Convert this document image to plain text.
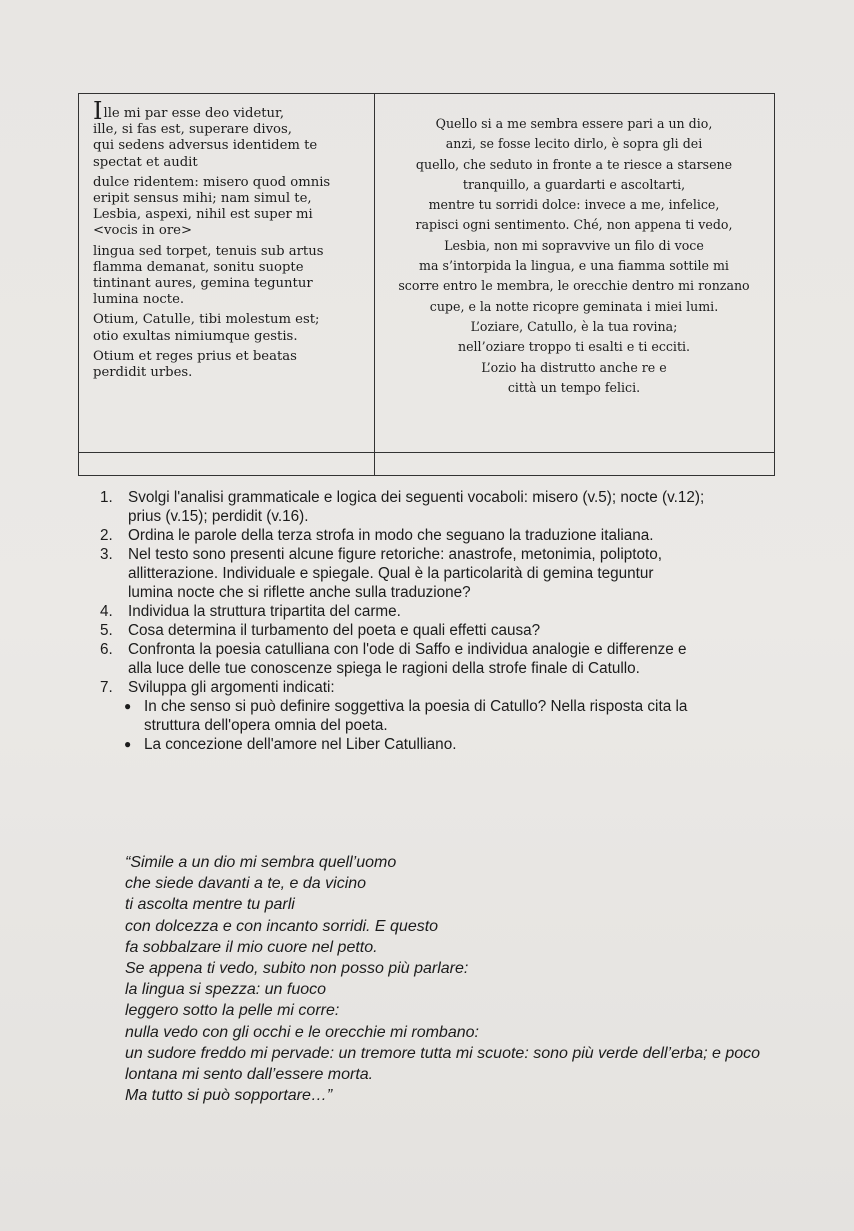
Ille mi par esse deo videtur,
ille, si fas est, superare divos,
qui sedens adversus identidem te
spectat et audit
dulce ridentem: misero quod omnis
eripit sensus mihi; nam simul te,
Lesbia, aspexi, nihil est super mi
<vocis in ore>
lingua sed torpet, tenuis sub artus
flamma demanat, sonitu suopte
tintinant aures, gemina teguntur
lumina nocte.
Otium, Catulle, tibi molestum est;
otio exultas nimiumque gestis.
Otium et reges prius et beatas
perdidit urbes.
Quello si a me sembra essere pari a un dio,
anzi, se fosse lecito dirlo, è sopra gli dei
quello, che seduto in fronte a te riesce a starsene
tranquillo, a guardarti e ascoltarti,
mentre tu sorridi dolce: invece a me, infelice,
rapisci ogni sentimento. Ché, non appena ti vedo,
Lesbia, non mi sopravvive un filo di voce
ma s’intorpida la lingua, e una fiamma sottile mi
scorre entro le membra, le orecchie dentro mi ronzano
cupe, e la notte ricopre geminata i miei lumi.
L’oziare, Catullo, è la tua rovina;
nell’oziare troppo ti esalti e ti ecciti.
L’ozio ha distrutto anche re e
città un tempo felici.
1. Svolgi l'analisi grammaticale e logica dei seguenti vocaboli: misero (v.5); nocte (v.12);
prius (v.15); perdidit (v.16).
2. Ordina le parole della terza strofa in modo che seguano la traduzione italiana.
3. Nel testo sono presenti alcune figure retoriche: anastrofe, metonimia, poliptoto,
allitterazione. Individuale e spiegale. Qual è la particolarità di gemina teguntur
lumina nocte che si riflette anche sulla traduzione?
4. Individua la struttura tripartita del carme.
5. Cosa determina il turbamento del poeta e quali effetti causa?
6. Confronta la poesia catulliana con l'ode di Saffo e individua analogie e differenze e
alla luce delle tue conoscenze spiega le ragioni della strofe finale di Catullo.
7. Sviluppa gli argomenti indicati:
● In che senso si può definire soggettiva la poesia di Catullo? Nella risposta cita la
struttura dell'opera omnia del poeta.
● La concezione dell'amore nel Liber Catulliano.
“Simile a un dio mi sembra quell’uomo
che siede davanti a te, e da vicino
ti ascolta mentre tu parli
con dolcezza e con incanto sorridi. E questo
fa sobbalzare il mio cuore nel petto.
Se appena ti vedo, subito non posso più parlare:
la lingua si spezza: un fuoco
leggero sotto la pelle mi corre:
nulla vedo con gli occhi e le orecchie mi rombano:
un sudore freddo mi pervade: un tremore tutta mi scuote: sono più verde dell’erba; e poco
lontana mi sento dall’essere morta.
Ma tutto si può sopportare…”
